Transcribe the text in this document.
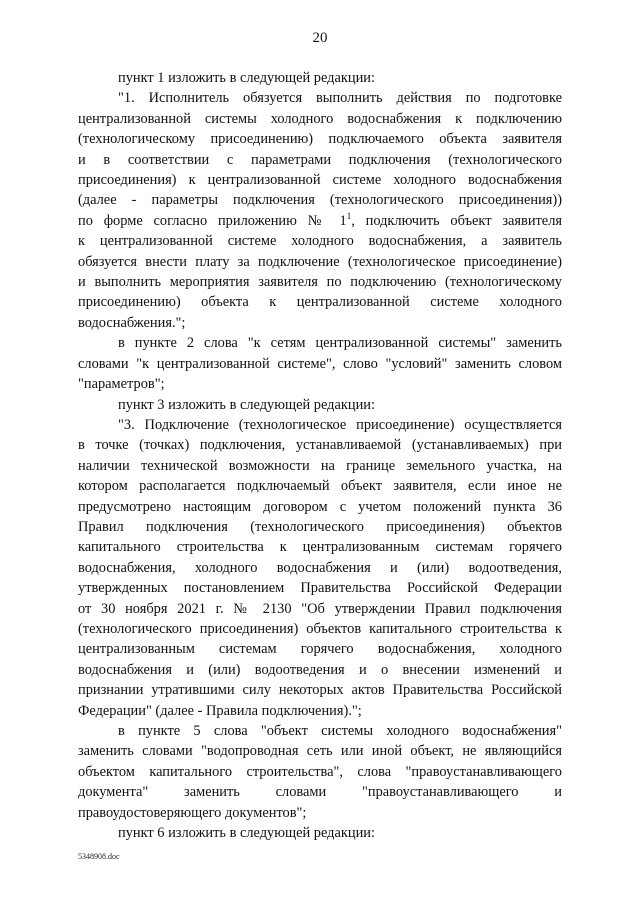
20

пункт 1 изложить в следующей редакции:

"1. Исполнитель обязуется выполнить действия по подготовке
централизованной системы холодного водоснабжения к подключению
(технологическому присоединению) подключаемого объекта заявителя
и в соответствии с параметрами подключения (технологического
присоединения) к централизованной системе холодного водоснабжения
(далее - параметры подключения (технологического присоединения))
по форме согласно приложению № $1^1$, подключить объект заявителя
к централизованной системе холодного водоснабжения, а заявитель
обязуется внести плату за подключение (технологическое присоединение)
и выполнить мероприятия заявителя по подключению (технологическому
присоединению) объекта к централизованной системе холодного
водоснабжения.";

в пункте 2 слова "к сетям централизованной системы" заменить
словами "к централизованной системе", слово "условий" заменить словом
"параметров";

пункт 3 изложить в следующей редакции:

"3. Подключение (технологическое присоединение) осуществляется
в точке (точках) подключения, устанавливаемой (устанавливаемых) при
наличии технической возможности на границе земельного участка, на
котором располагается подключаемый объект заявителя, если иное не
предусмотрено настоящим договором с учетом положений пункта 36
Правил подключения (технологического присоединения) объектов
капитального строительства к централизованным системам горячего
водоснабжения, холодного водоснабжения и (или) водоотведения,
утвержденных постановлением Правительства Российской Федерации
от 30 ноября 2021 г. № 2130 "Об утверждении Правил подключения
(технологического присоединения) объектов капитального строительства к
централизованным системам горячего водоснабжения, холодного
водоснабжения и (или) водоотведения и о внесении изменений и
признании утратившими силу некоторых актов Правительства Российской
Федерации" (далее - Правила подключения).";

в пункте 5 слова "объект системы холодного водоснабжения"
заменить словами "водопроводная сеть или иной объект, не являющийся
объектом капитального строительства", слова "правоустанавливающего
документа" заменить словами "правоустанавливающего и
правоудостоверяющего документов";

пункт 6 изложить в следующей редакции:

5348908.doc
